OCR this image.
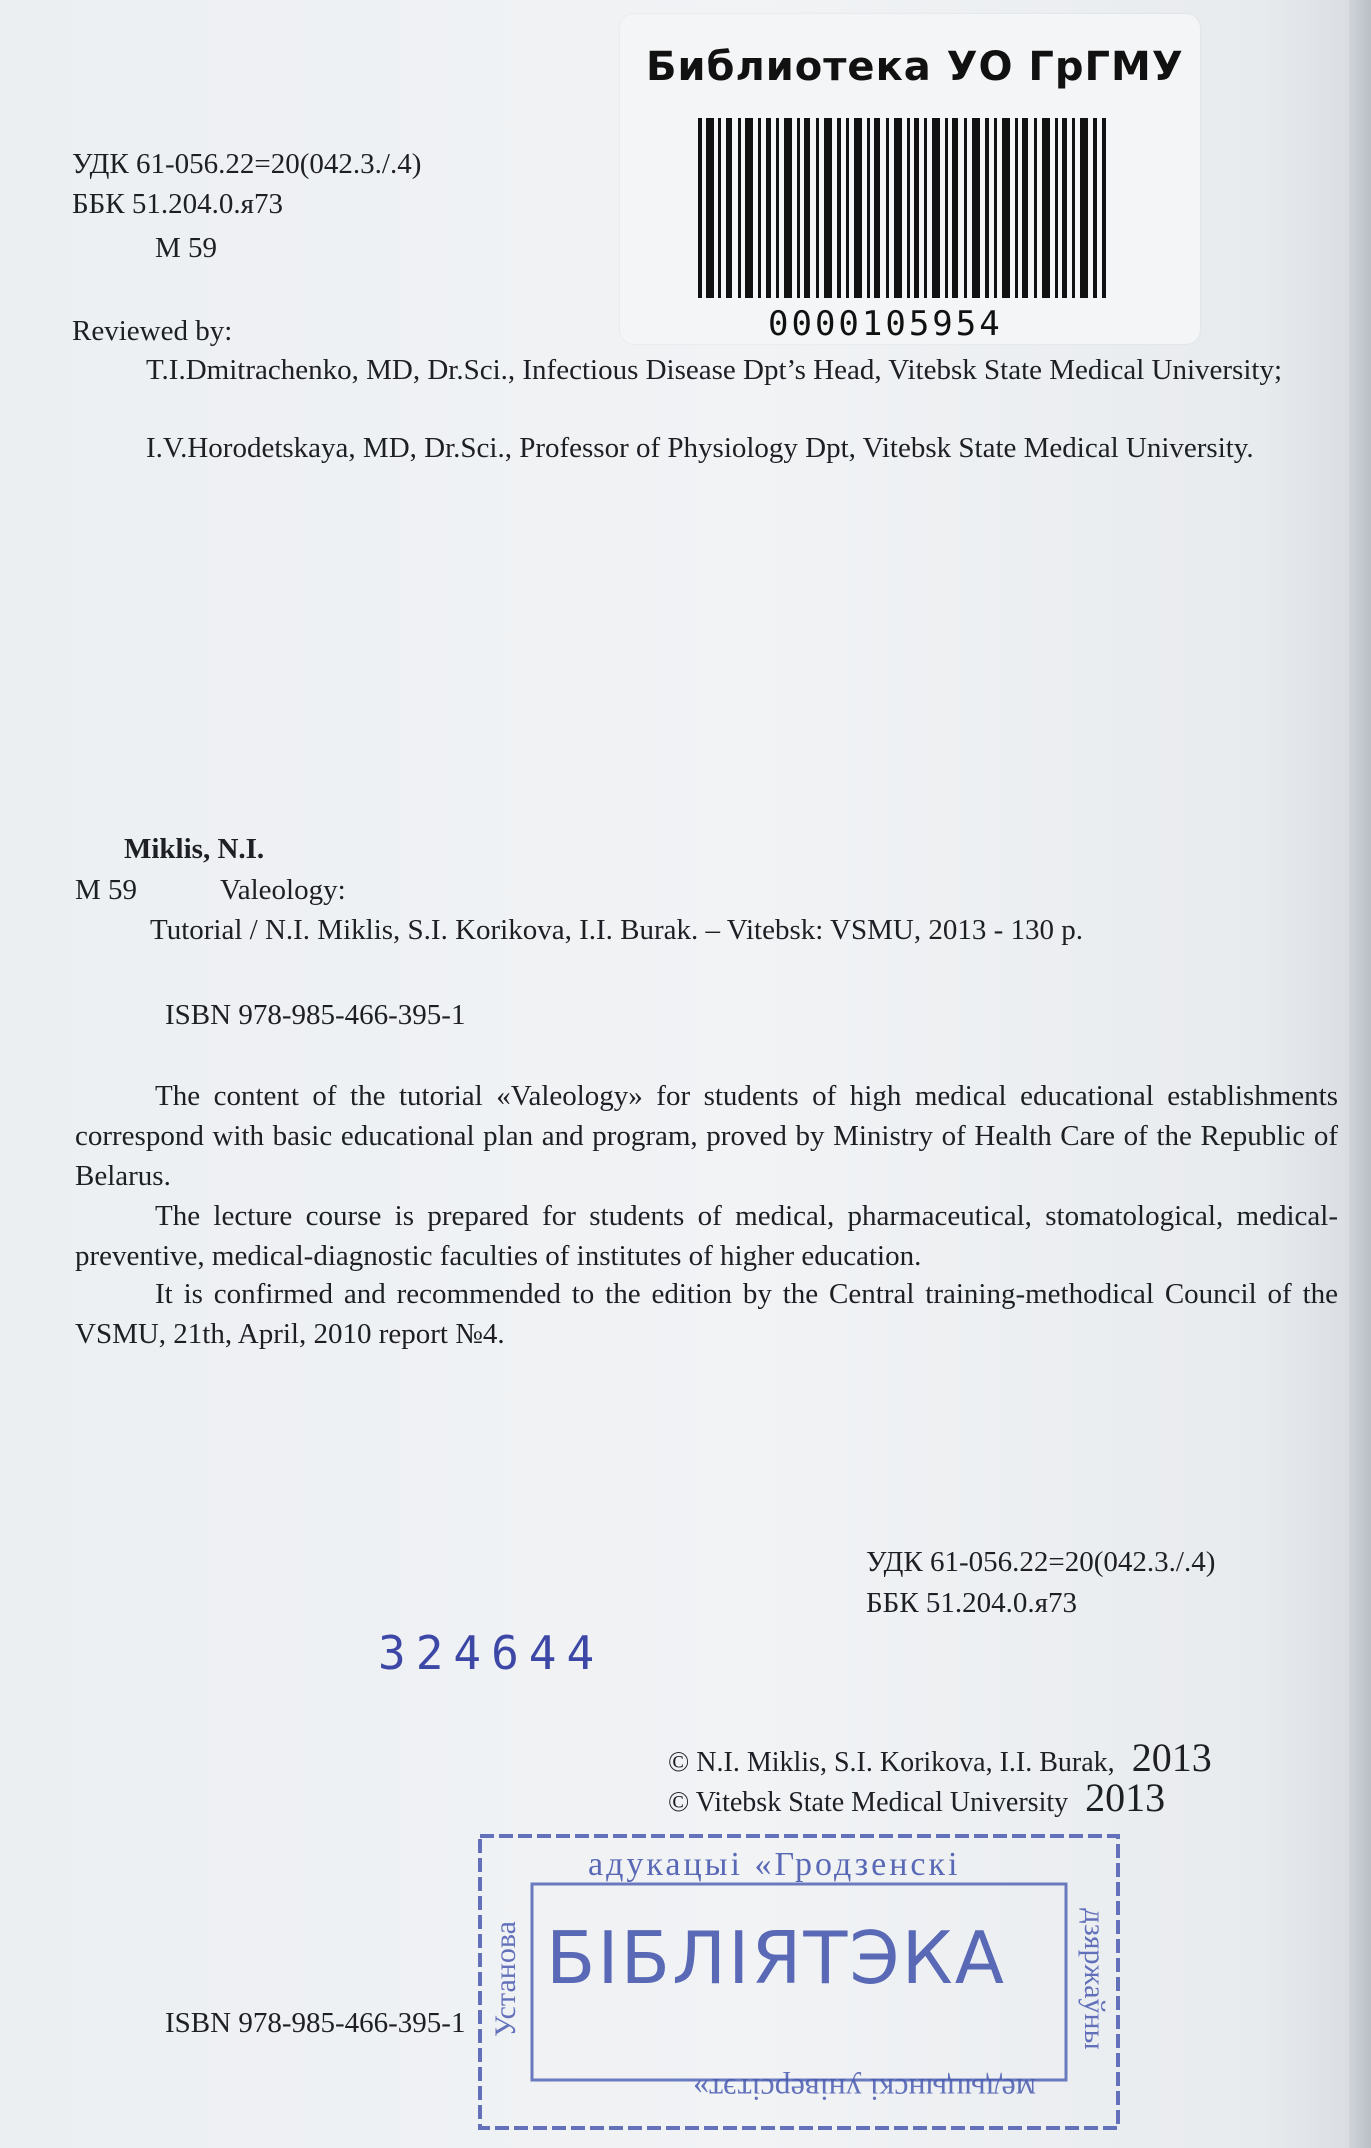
УДК 61-056.22=20(042.3./.4)
ББК 51.204.0.я73
М 59
Библиотека УО ГрГМУ
0000105954
Reviewed by:
T.I.Dmitrachenko, MD, Dr.Sci., Infectious Disease Dpt’s Head, Vitebsk State Medical University;
I.V.Horodetskaya, MD, Dr.Sci., Professor of Physiology Dpt, Vitebsk State Medical University.
Miklis, N.I.
М 59	Valeology:
Tutorial / N.I. Miklis, S.I. Korikova, I.I. Burak. – Vitebsk: VSMU, 2013 - 130 p.
ISBN 978-985-466-395-1
The content of the tutorial «Valeology» for students of high medical educational establishments correspond with basic educational plan and program, proved by Ministry of Health Care of the Republic of Belarus.
The lecture course is prepared for students of medical, pharmaceutical, stomatological, medical-preventive, medical-diagnostic faculties of institutes of higher education.
It is confirmed and recommended to the edition by the Central training-methodical Council of the VSMU, 21th, April, 2010 report №4.
УДК 61-056.22=20(042.3./.4)
ББК 51.204.0.я73
324644
© N.I. Miklis, S.I. Korikova, I.I. Burak, 2013
© Vitebsk State Medical University 2013
адукацыі «Гродзенскі
БІБЛІЯТЭКА
медыцынскі універсітэт»
Установа	дзяржаўны
ISBN 978-985-466-395-1
